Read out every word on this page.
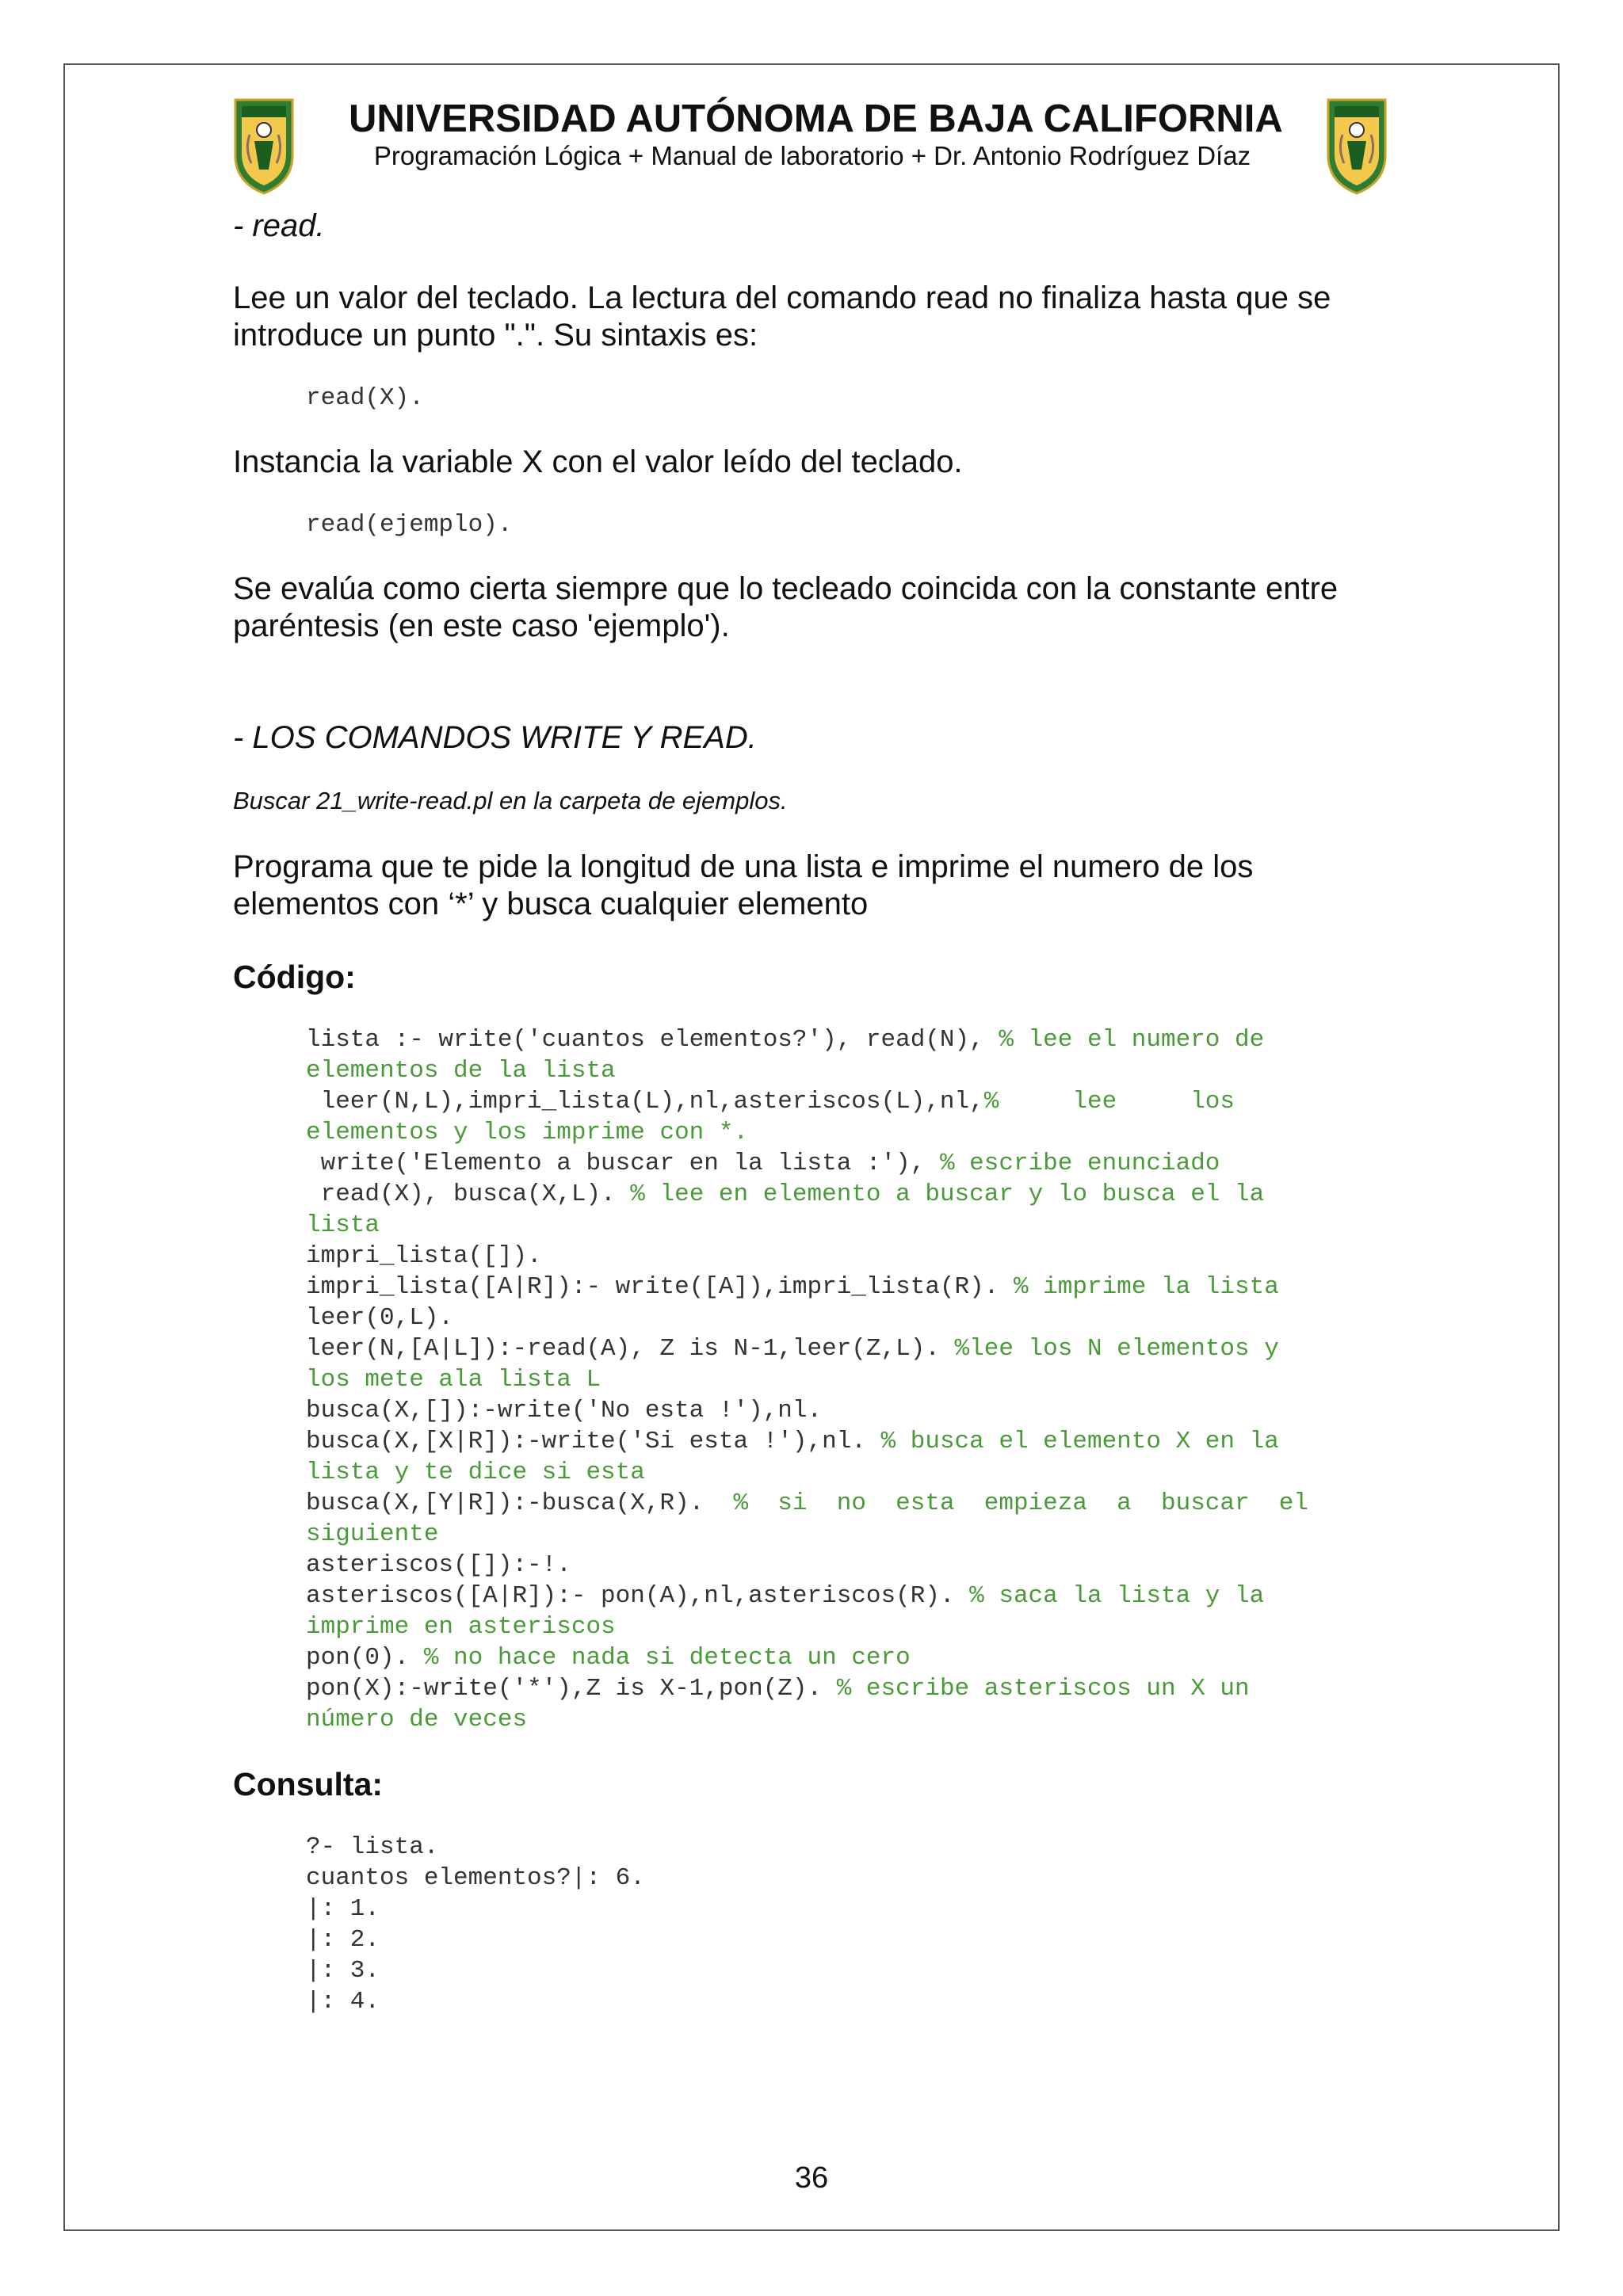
UNIVERSIDAD AUTÓNOMA DE BAJA CALIFORNIA
Programación Lógica + Manual de laboratorio + Dr. Antonio Rodríguez Díaz

- read.

Lee un valor del teclado. La lectura del comando read no finaliza hasta que se

introduce un punto ".". Su sintaxis es:

read(X).

Instancia la variable X con el valor leído del teclado.

read(ejemplo).

Se evalúa como cierta siempre que lo tecleado coincida con la constante entre

paréntesis (en este caso 'ejemplo').

- LOS COMANDOS WRITE Y READ.

Buscar 21_write-read.pl en la carpeta de ejemplos.

Programa que te pide la longitud de una lista e imprime el numero de los

elementos con ‘*’ y busca cualquier elemento

Código:

lista :- write('cuantos elementos?'), read(N), % lee el numero de
elementos de la lista
leer(N,L),impri_lista(L),nl,asteriscos(L),nl,%     lee     los
elementos y los imprime con *.
write('Elemento a buscar en la lista :'), % escribe enunciado
read(X), busca(X,L). % lee en elemento a buscar y lo busca el la
lista
impri_lista([]).
impri_lista([A|R]):- write([A]),impri_lista(R). % imprime la lista
leer(0,L).
leer(N,[A|L]):-read(A), Z is N-1,leer(Z,L). %lee los N elementos y
los mete ala lista L
busca(X,[]):-write('No esta !'),nl.
busca(X,[X|R]):-write('Si esta !'),nl. % busca el elemento X en la
lista y te dice si esta
busca(X,[Y|R]):-busca(X,R).  %  si  no  esta  empieza  a  buscar  el
siguiente
asteriscos([]):-!.
asteriscos([A|R]):- pon(A),nl,asteriscos(R). % saca la lista y la
imprime en asteriscos
pon(0). % no hace nada si detecta un cero
pon(X):-write('*'),Z is X-1,pon(Z). % escribe asteriscos un X un
número de veces

Consulta:

?- lista.
cuantos elementos?|: 6.
|: 1.
|: 2.
|: 3.
|: 4.
36
